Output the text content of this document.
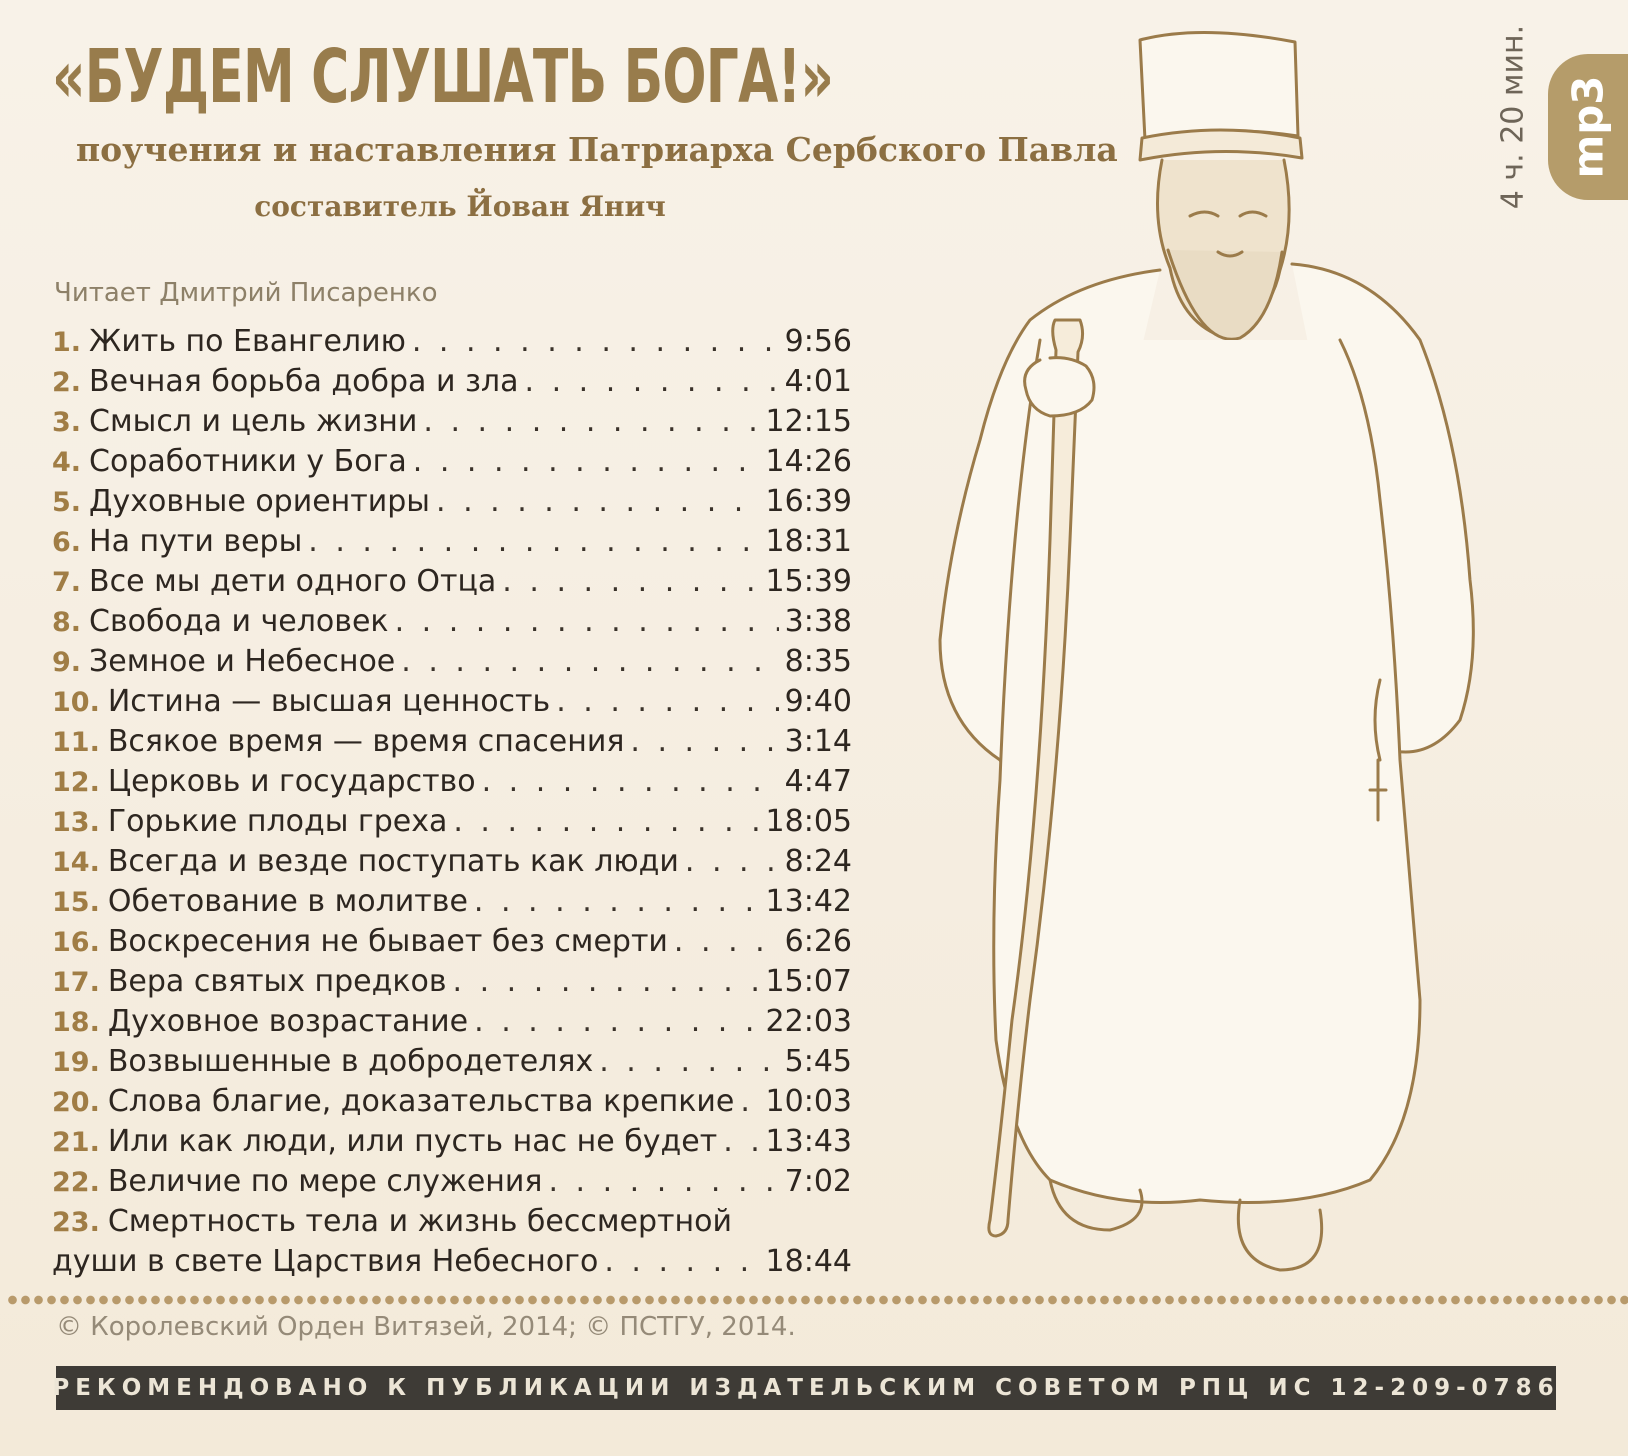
«БУДЕМ СЛУШАТЬ БОГА!»
поучения и наставления Патриарха Сербского Павла
составитель Йован Янич
Читает Дмитрий Писаренко
1. Жить по Евангелию . . .	9:56
2. Вечная борьба добра и зла . . .	4:01
3. Смысл и цель жизни . . .	12:15
4. Соработники у Бога . . .	14:26
5. Духовные ориентиры . . .	16:39
6. На пути веры . . .	18:31
7. Все мы дети одного Отца . . .	15:39
8. Свобода и человек . . .	3:38
9. Земное и Небесное . . .	8:35
10. Истина — высшая ценность . . .	9:40
11. Всякое время — время спасения . . .	3:14
12. Церковь и государство . . .	4:47
13. Горькие плоды греха . . .	18:05
14. Всегда и везде поступать как люди . . .	8:24
15. Обетование в молитве . . .	13:42
16. Воскресения не бывает без смерти . . .	6:26
17. Вера святых предков . . .	15:07
18. Духовное возрастание . . .	22:03
19. Возвышенные в добродетелях . . .	5:45
20. Слова благие, доказательства крепкие . . . 10:03
21. Или как люди, или пусть нас не будет . . . 13:43
22. Величие по мере служения . . .	7:02
23. Смертность тела и жизнь бессмертной
души в свете Царствия Небесного . . .	18:44
4 ч. 20 мин. mp3
© Королевский Орден Витязей, 2014; © ПСТГУ, 2014.
РЕКОМЕНДОВАНО К ПУБЛИКАЦИИ ИЗДАТЕЛЬСКИМ СОВЕТОМ РПЦ ИС 12-209-0786
